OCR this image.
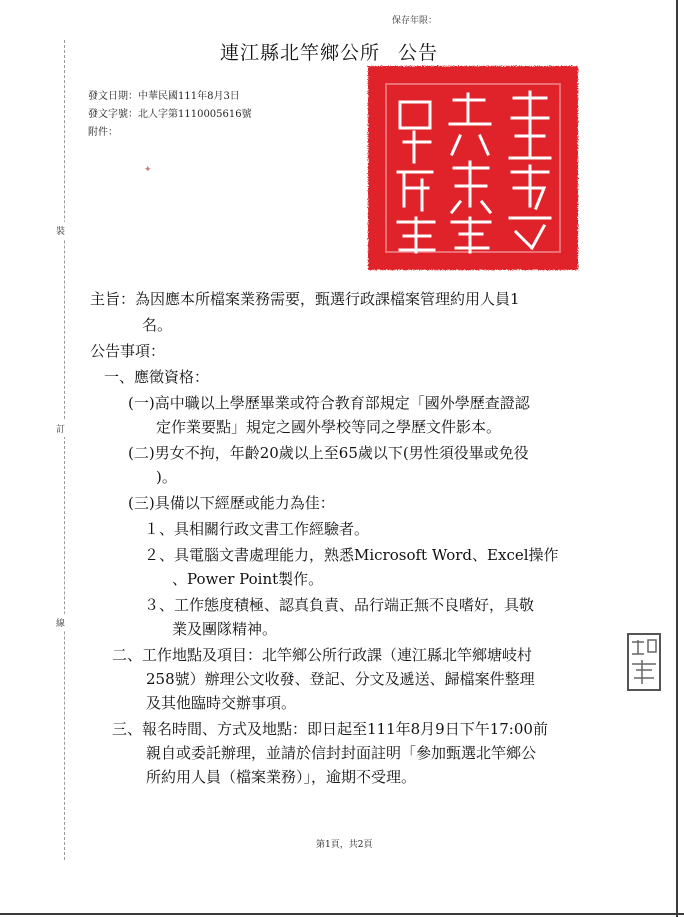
裝
訂
線
保存年限：
連江縣北竿鄉公所 公告
發文日期：中華民國111年8月3日
發文字號：北人字第1110005616號
附件：
✦
主旨：為因應本所檔案業務需要，甄選行政課檔案管理約用人員1
名。
公告事項：
一、應徵資格：
(一)高中職以上學歷畢業或符合教育部規定「國外學歷查證認
定作業要點」規定之國外學校等同之學歷文件影本。
(二)男女不拘，年齡20歲以上至65歲以下(男性須役畢或免役
)。
(三)具備以下經歷或能力為佳：
１、具相關行政文書工作經驗者。
２、具電腦文書處理能力，熟悉Microsoft Word、Excel操作
、Power Point製作。
３、工作態度積極、認真負責、品行端正無不良嗜好，具敬
業及團隊精神。
二、工作地點及項目：北竿鄉公所行政課（連江縣北竿鄉塘岐村
258號）辦理公文收發、登記、分文及遞送、歸檔案件整理
及其他臨時交辦事項。
三、報名時間、方式及地點：即日起至111年8月9日下午17:00前
親自或委託辦理，並請於信封封面註明「參加甄選北竿鄉公
所約用人員（檔案業務）」，逾期不受理。
第1頁，共2頁
